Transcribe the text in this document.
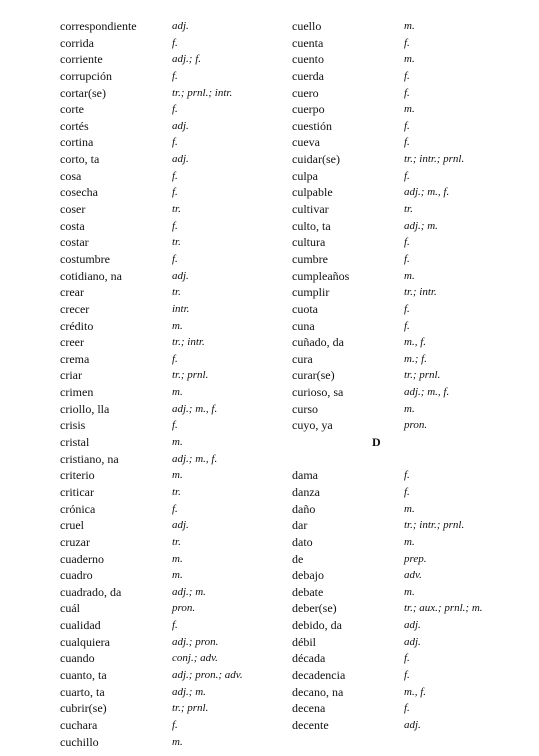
correspondiente	adj.
corrida	f.
corriente	adj.; f.
corrupción	f.
cortar(se)	tr.; prnl.; intr.
corte	f.
cortés	adj.
cortina	f.
corto, ta	adj.
cosa	f.
cosecha	f.
coser	tr.
costa	f.
costar	tr.
costumbre	f.
cotidiano, na	adj.
crear	tr.
crecer	intr.
crédito	m.
creer	tr.; intr.
crema	f.
criar	tr.; prnl.
crimen	m.
criollo, lla	adj.; m., f.
crisis	f.
cristal	m.
cristiano, na	adj.; m., f.
criterio	m.
criticar	tr.
crónica	f.
cruel	adj.
cruzar	tr.
cuaderno	m.
cuadro	m.
cuadrado, da	adj.; m.
cuál	pron.
cualidad	f.
cualquiera	adj.; pron.
cuando	conj.; adv.
cuanto, ta	adj.; pron.; adv.
cuarto, ta	adj.; m.
cubrir(se)	tr.; prnl.
cuchara	f.
cuchillo	m.
cuello	m.
cuenta	f.
cuento	m.
cuerda	f.
cuero	f.
cuerpo	m.
cuestión	f.
cueva	f.
cuidar(se)	tr.; intr.; prnl.
culpa	f.
culpable	adj.; m., f.
cultivar	tr.
culto, ta	adj.; m.
cultura	f.
cumbre	f.
cumpleaños	m.
cumplir	tr.; intr.
cuota	f.
cuna	f.
cuñado, da	m., f.
cura	m.; f.
curar(se)	tr.; prnl.
curioso, sa	adj.; m., f.
curso	m.
cuyo, ya	pron.
D
dama	f.
danza	f.
daño	m.
dar	tr.; intr.; prnl.
dato	m.
de	prep.
debajo	adv.
debate	m.
deber(se)	tr.; aux.; prnl.; m.
debido, da	adj.
débil	adj.
década	f.
decadencia	f.
decano, na	m., f.
decena	f.
decente	adj.
